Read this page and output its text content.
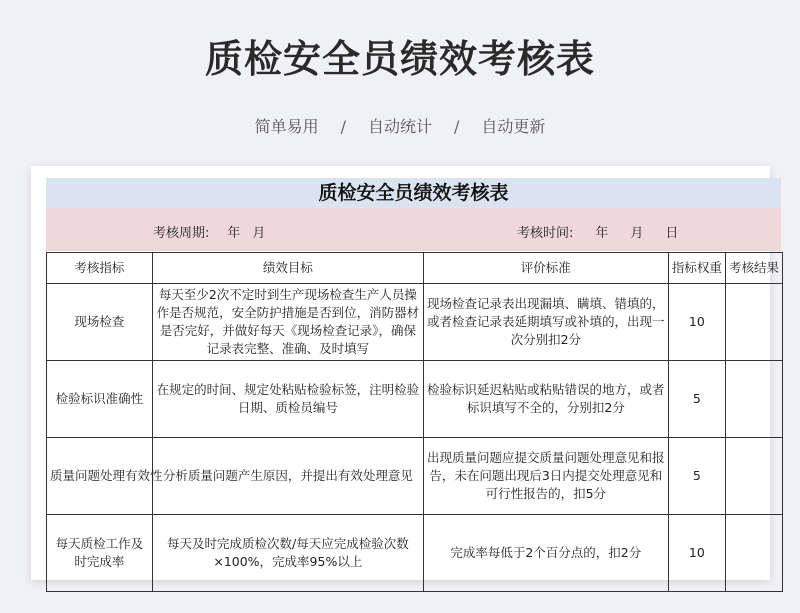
质检安全员绩效考核表
简单易用 / 自动统计 / 自动更新
质检安全员绩效考核表
考核周期: 年 月	考核时间: 年 月 日
考核指标	绩效目标	评价标准	指标权重	考核结果
现场检查	每天至少2次不定时到生产现场检查生产人员操作是否规范，安全防护措施是否到位，消防器材是否完好，并做好每天《现场检查记录》，确保记录表完整、准确、及时填写	现场检查记录表出现漏填、瞒填、错填的，或者检查记录表延期填写或补填的，出现一次分别扣2分	10	
检验标识准确性	在规定的时间、规定处粘贴检验标签，注明检验日期、质检员编号	检验标识延迟粘贴或粘贴错误的地方，或者标识填写不全的，分别扣2分	5	
质量问题处理有效性	分析质量问题产生原因，并提出有效处理意见	出现质量问题应提交质量问题处理意见和报告，未在问题出现后3日内提交处理意见和可行性报告的，扣5分	5	
每天质检工作及时完成率	每天及时完成质检次数/每天应完成检验次数×100%，完成率95%以上	完成率每低于2个百分点的，扣2分	10	
